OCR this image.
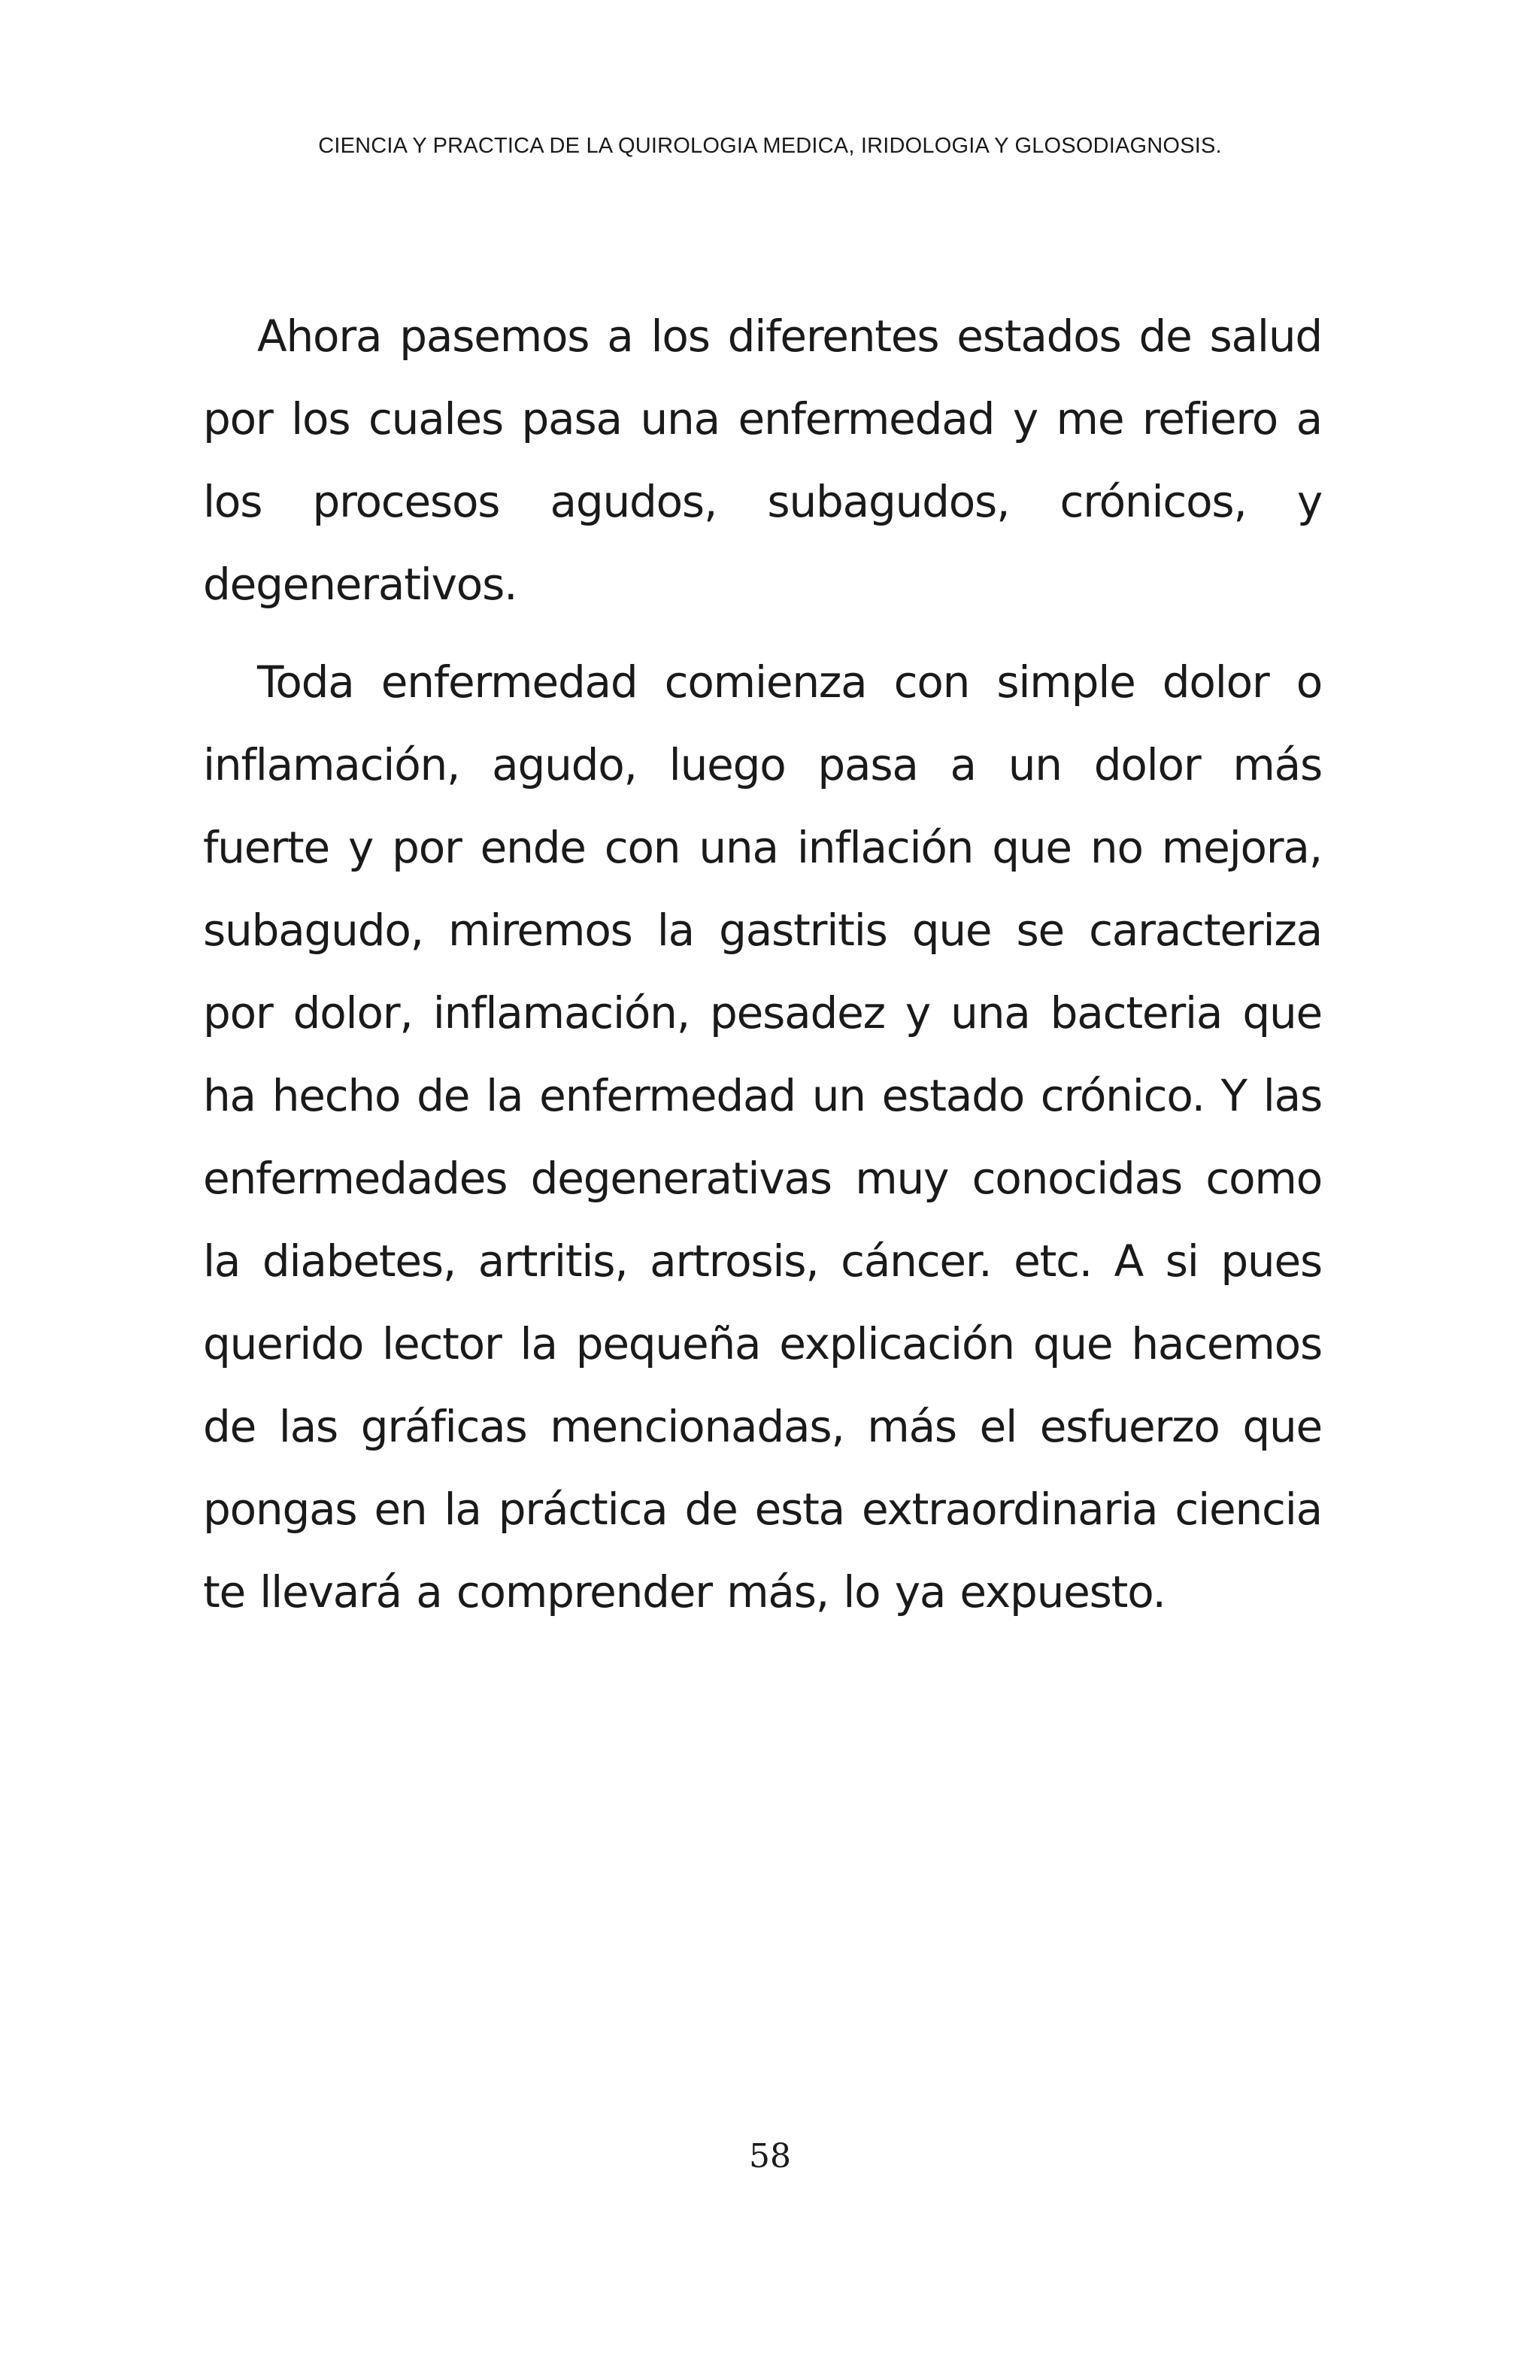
CIENCIA Y PRACTICA DE LA QUIROLOGIA MEDICA, IRIDOLOGIA Y GLOSODIAGNOSIS.

Ahora pasemos a los diferentes estados de salud por los cuales pasa una enfermedad y me refiero a los procesos agudos, subagudos, crónicos, y degenerativos.

Toda enfermedad comienza con simple dolor o inflamación, agudo, luego pasa a un dolor más fuerte y por ende con una inflación que no mejora, subagudo, miremos la gastritis que se caracteriza por dolor, inflamación, pesadez y una bacteria que ha hecho de la enfermedad un estado crónico. Y las enfermedades degenerativas muy conocidas como la diabetes, artritis, artrosis, cáncer. etc. A si pues querido lector la pequeña explicación que hacemos de las gráficas mencionadas, más el esfuerzo que pongas en la práctica de esta extraordinaria ciencia te llevará a comprender más, lo ya expuesto.

58
